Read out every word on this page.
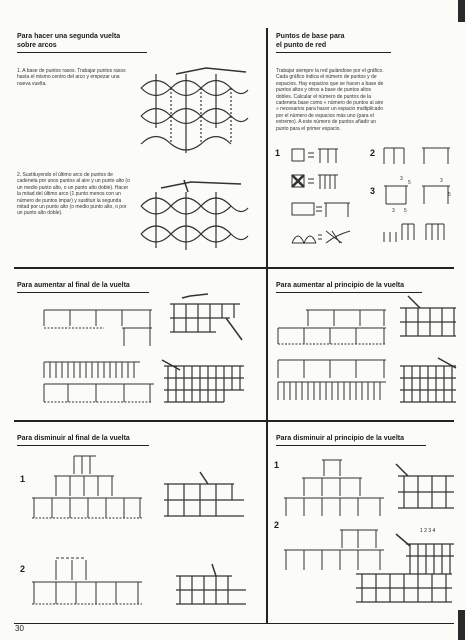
Para hacer una segunda vuelta
sobre arcos
1. A base de puntos rasos. Trabajar puntos rasos hasta el mismo centro del arco y empezar una nueva vuelta.
2. Sustituyendo el último arco de puntos de cadeneta por unos puntos al aire y un punto alto (o un medio punto alto, o un punto alto doble). Hacer la mitad del último arco (1 punto menos con un número de puntos impar) y sustituir la segunda mitad por un punto alto (o medio punto alto, o por un punto alto doble).
Puntos de base para
el punto de red
Trabajar siempre la red guiándose por el gráfico. Cada gráfico indica el número de puntos y de espacios. Hay espacios que se hacen a base de puntos altos y otros a base de puntos altos dobles. Calcular el número de puntos de la cadeneta base como « número de puntos al aire » necesarios para hacer un espacio multiplicado por el número de espacios más uno (para el extremo). A este número de puntos añadir un punto para el primer espacio.
1	2
3
3
5
3 5
3
5
Para aumentar al final de la vuelta	Para aumentar al principio de la vuelta
Para disminuir al final de la vuelta
1
2
Para disminuir al principio de la vuelta
1
2
1 2 3 4
30
